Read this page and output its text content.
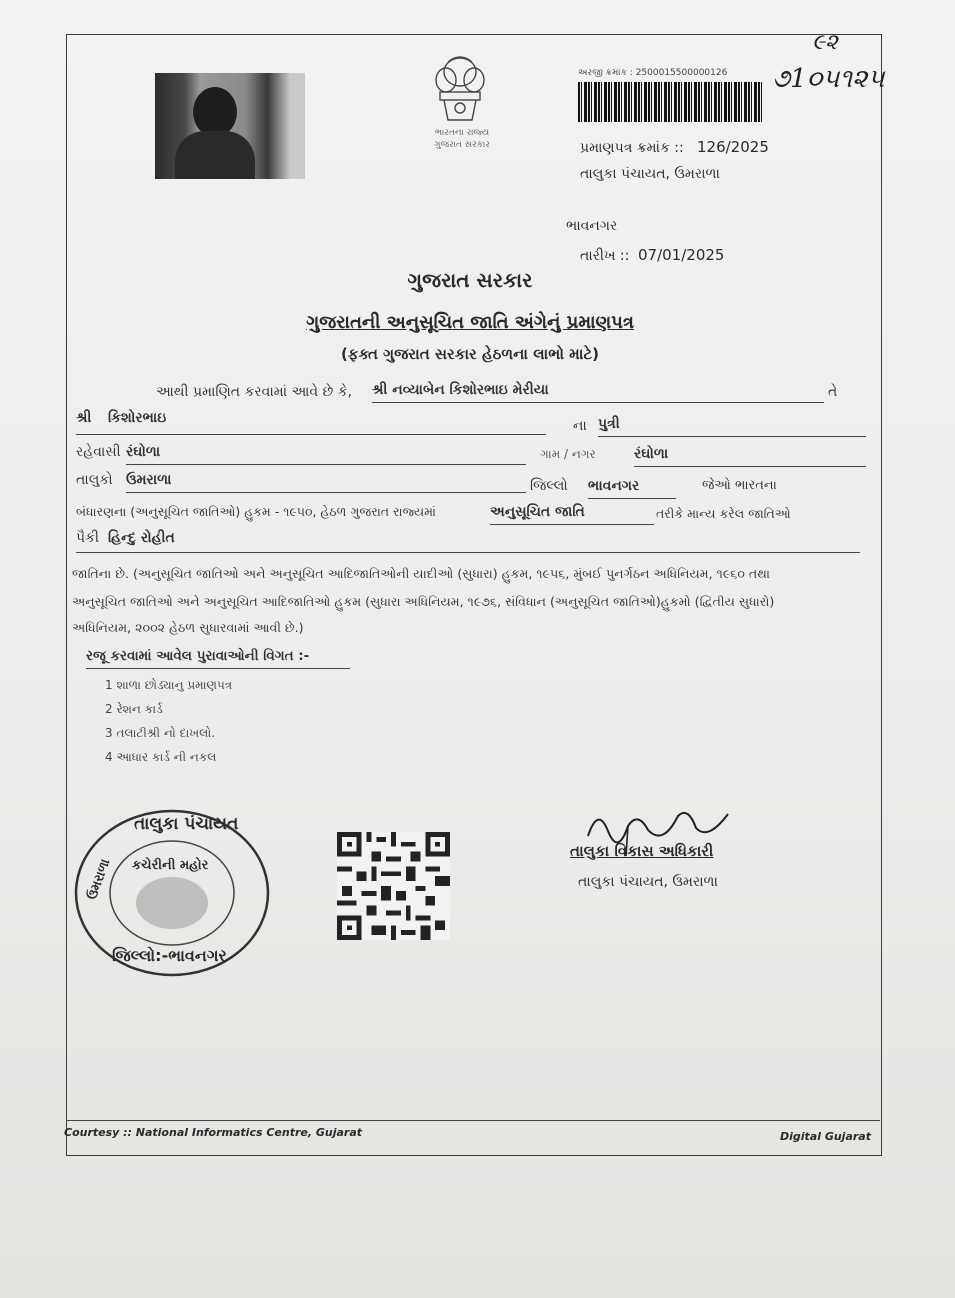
૯૨
૭1૦૫૧૨૫
ભારતના રાજ્ય
ગુજરાત સરકાર
અરજી ક્રમાંક : 2500015500000126
પ્રમાણપત્ર ક્રમાંક :: 126/2025
તાલુકા પંચાયત, ઉમરાળા
ભાવનગર
તારીખ :: 07/01/2025
ગુજરાત સરકાર
ગુજરાતની અનુસૂચિત જાતિ અંગેનું પ્રમાણપત્ર
(ફક્ત ગુજરાત સરકાર હેઠળના લાભો માટે)
આથી પ્રમાણિત કરવામાં આવે છે કે, શ્રી નવ્યાબેન કિશોરભાઇ મેરીયા	તે
શ્રી કિશોરભાઇ	ના પુત્રી
રહેવાસી રંઘોળા	ગામ / નગર	રંઘોળા
તાલુકો ઉમરાળા	જિલ્લો ભાવનગર	જેઓ ભારતના
બંધારણના (અનુસૂચિત જાતિઓ) હુકમ - ૧૯૫૦, હેઠળ ગુજરાત રાજ્યમાં	અનુસૂચિત જાતિ	તરીકે માન્ય કરેલ જાતિઓ
પૈકી હિન્દુ રોહીત
જાતિના છે. (અનુસૂચિત જાતિઓ અને અનુસૂચિત આદિજાતિઓની યાદીઓ (સુધારા) હુકમ, ૧૯૫૬, મુંબઈ પુનર્ગઠન અધિનિયમ, ૧૯૬૦ તથા
અનુસૂચિત જાતિઓ અને અનુસૂચિત આદિજાતિઓ હુકમ (સુધારા અધિનિયમ, ૧૯૭૬, સંવિધાન (અનુસૂચિત જાતિઓ)હુકમો (દ્વિતીય સુધારો)
અધિનિયમ, ૨૦૦૨ હેઠળ સુધારવામાં આવી છે.)
રજૂ કરવામાં આવેલ પુરાવાઓની વિગત :-
1 શાળા છોડ્યાનુ પ્રમાણપત્ર
2 રેશન કાર્ડ
3 તલાટીશ્રી નો દાખલો.
4 આધાર કાર્ડ ની નકલ
તાલુકા પંચાયત
ઉમરાળા કચેરીની મહોર
જિલ્લો:-ભાવનગર
તાલુકા વિકાસ અધિકારી
તાલુકા પંચાયત, ઉમરાળા
Courtesy :: National Informatics Centre, Gujarat	Digital Gujarat
